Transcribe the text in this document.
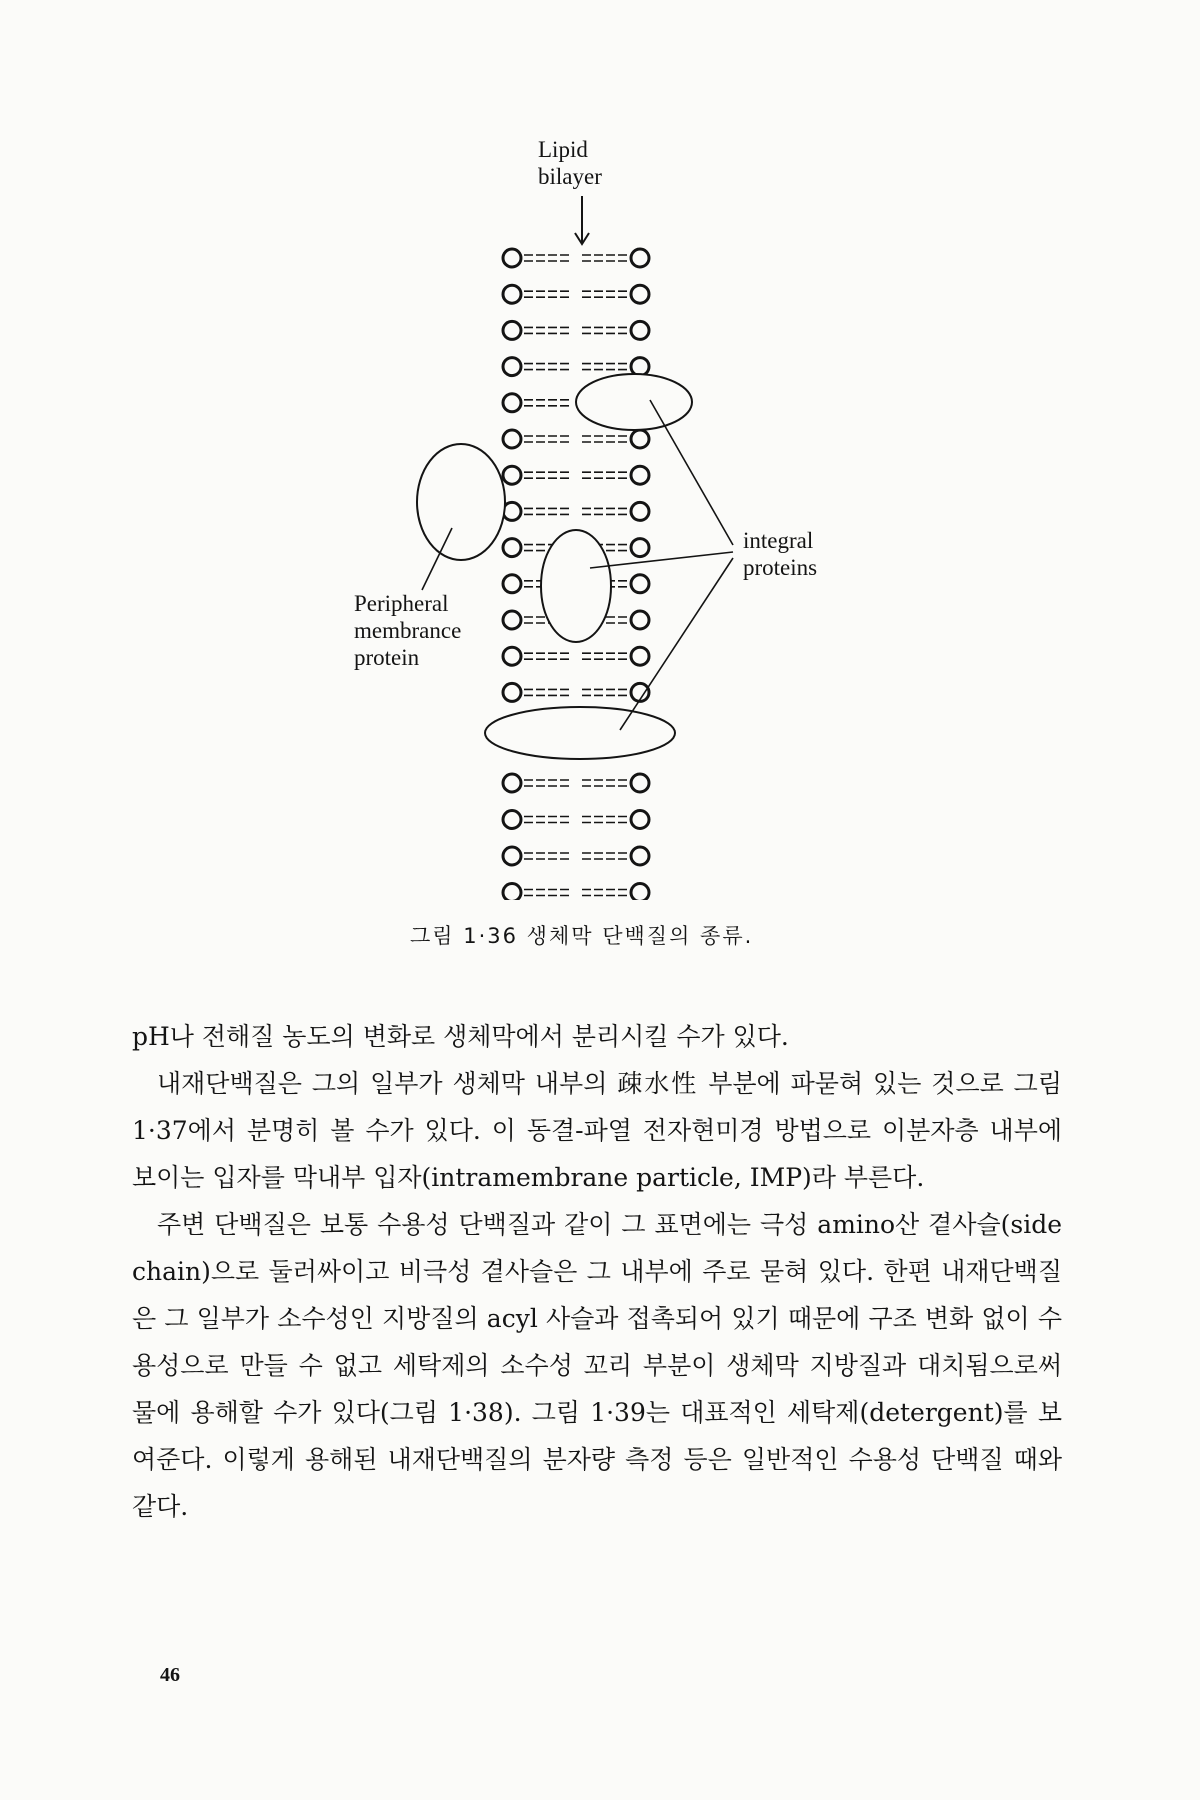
Lipid
bilayer
integral
proteins
Peripheral
membrance
protein
그림 1·36 생체막 단백질의 종류.

pH나 전해질 농도의 변화로 생체막에서 분리시킬 수가 있다.

내재단백질은 그의 일부가 생체막 내부의 疎水性 부분에 파묻혀 있는 것으로 그림 1·37에서 분명히 볼 수가 있다. 이 동결-파열 전자현미경 방법으로 이분자층 내부에 보이는 입자를 막내부 입자(intramembrane particle, IMP)라 부른다.

주변 단백질은 보통 수용성 단백질과 같이 그 표면에는 극성 amino산 곁사슬(side chain)으로 둘러싸이고 비극성 곁사슬은 그 내부에 주로 묻혀 있다. 한편 내재단백질은 그 일부가 소수성인 지방질의 acyl 사슬과 접촉되어 있기 때문에 구조 변화 없이 수용성으로 만들 수 없고 세탁제의 소수성 꼬리 부분이 생체막 지방질과 대치됨으로써 물에 용해할 수가 있다(그림 1·38). 그림 1·39는 대표적인 세탁제(detergent)를 보여준다. 이렇게 용해된 내재단백질의 분자량 측정 등은 일반적인 수용성 단백질 때와 같다.

46
